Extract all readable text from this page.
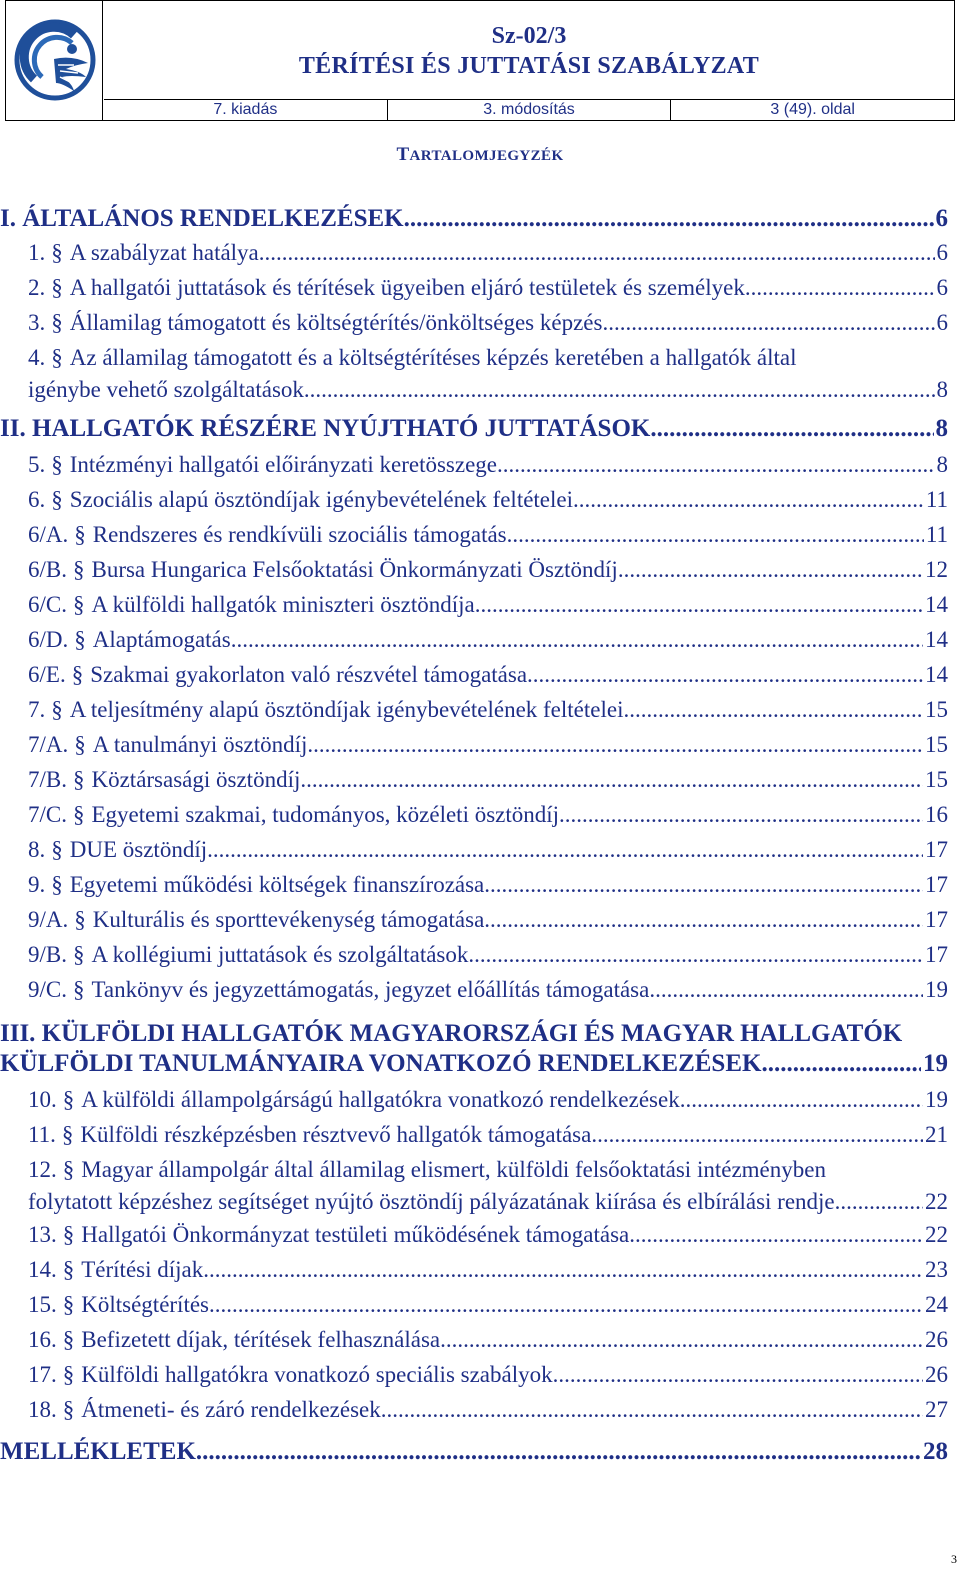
Sz-02/3
TÉRÍTÉSI ÉS JUTTATÁSI SZABÁLYZAT
7. kiadás	3. módosítás	3 (49). oldal
TARTALOMJEGYZÉK
I. ÁLTALÁNOS RENDELKEZÉSEK .....	6
1. § A szabályzat hatálya .....	6
2. § A hallgatói juttatások és térítések ügyeiben eljáró testületek és személyek .....	6
3. § Államilag támogatott és költségtérítés/önköltséges képzés .....	6
4. § Az államilag támogatott és a költségtérítéses képzés keretében a hallgatók által
igénybe vehető szolgáltatások .....	8
II. HALLGATÓK RÉSZÉRE NYÚJTHATÓ JUTTATÁSOK .....	8
5. § Intézményi hallgatói előirányzati keretösszege .....	8
6. § Szociális alapú ösztöndíjak igénybevételének feltételei .....	11
6/A. § Rendszeres és rendkívüli szociális támogatás .....	11
6/B. § Bursa Hungarica Felsőoktatási Önkormányzati Ösztöndíj .....	12
6/C. § A külföldi hallgatók miniszteri ösztöndíja .....	14
6/D. § Alaptámogatás .....	14
6/E. § Szakmai gyakorlaton való részvétel támogatása .....	14
7. § A teljesítmény alapú ösztöndíjak igénybevételének feltételei .....	15
7/A. § A tanulmányi ösztöndíj .....	15
7/B. § Köztársasági ösztöndíj .....	15
7/C. § Egyetemi szakmai, tudományos, közéleti ösztöndíj .....	16
8. § DUE ösztöndíj .....	17
9. § Egyetemi működési költségek finanszírozása .....	17
9/A. § Kulturális és sporttevékenység támogatása .....	17
9/B. § A kollégiumi juttatások és szolgáltatások .....	17
9/C. § Tankönyv és jegyzettámogatás, jegyzet előállítás támogatása .....	19
III. KÜLFÖLDI HALLGATÓK MAGYARORSZÁGI ÉS MAGYAR HALLGATÓK
KÜLFÖLDI TANULMÁNYAIRA VONATKOZÓ RENDELKEZÉSEK .....	19
10. § A külföldi állampolgárságú hallgatókra vonatkozó rendelkezések .....	19
11. § Külföldi részképzésben résztvevő hallgatók támogatása .....	21
12. § Magyar állampolgár által államilag elismert, külföldi felsőoktatási intézményben
folytatott képzéshez segítséget nyújtó ösztöndíj pályázatának kiírása és elbírálási rendje .....	22
13. § Hallgatói Önkormányzat testületi működésének támogatása .....	22
14. § Térítési díjak .....	23
15. § Költségtérítés .....	24
16. § Befizetett díjak, térítések felhasználása .....	26
17. § Külföldi hallgatókra vonatkozó speciális szabályok .....	26
18. § Átmeneti- és záró rendelkezések .....	27
MELLÉKLETEK .....	28
3
